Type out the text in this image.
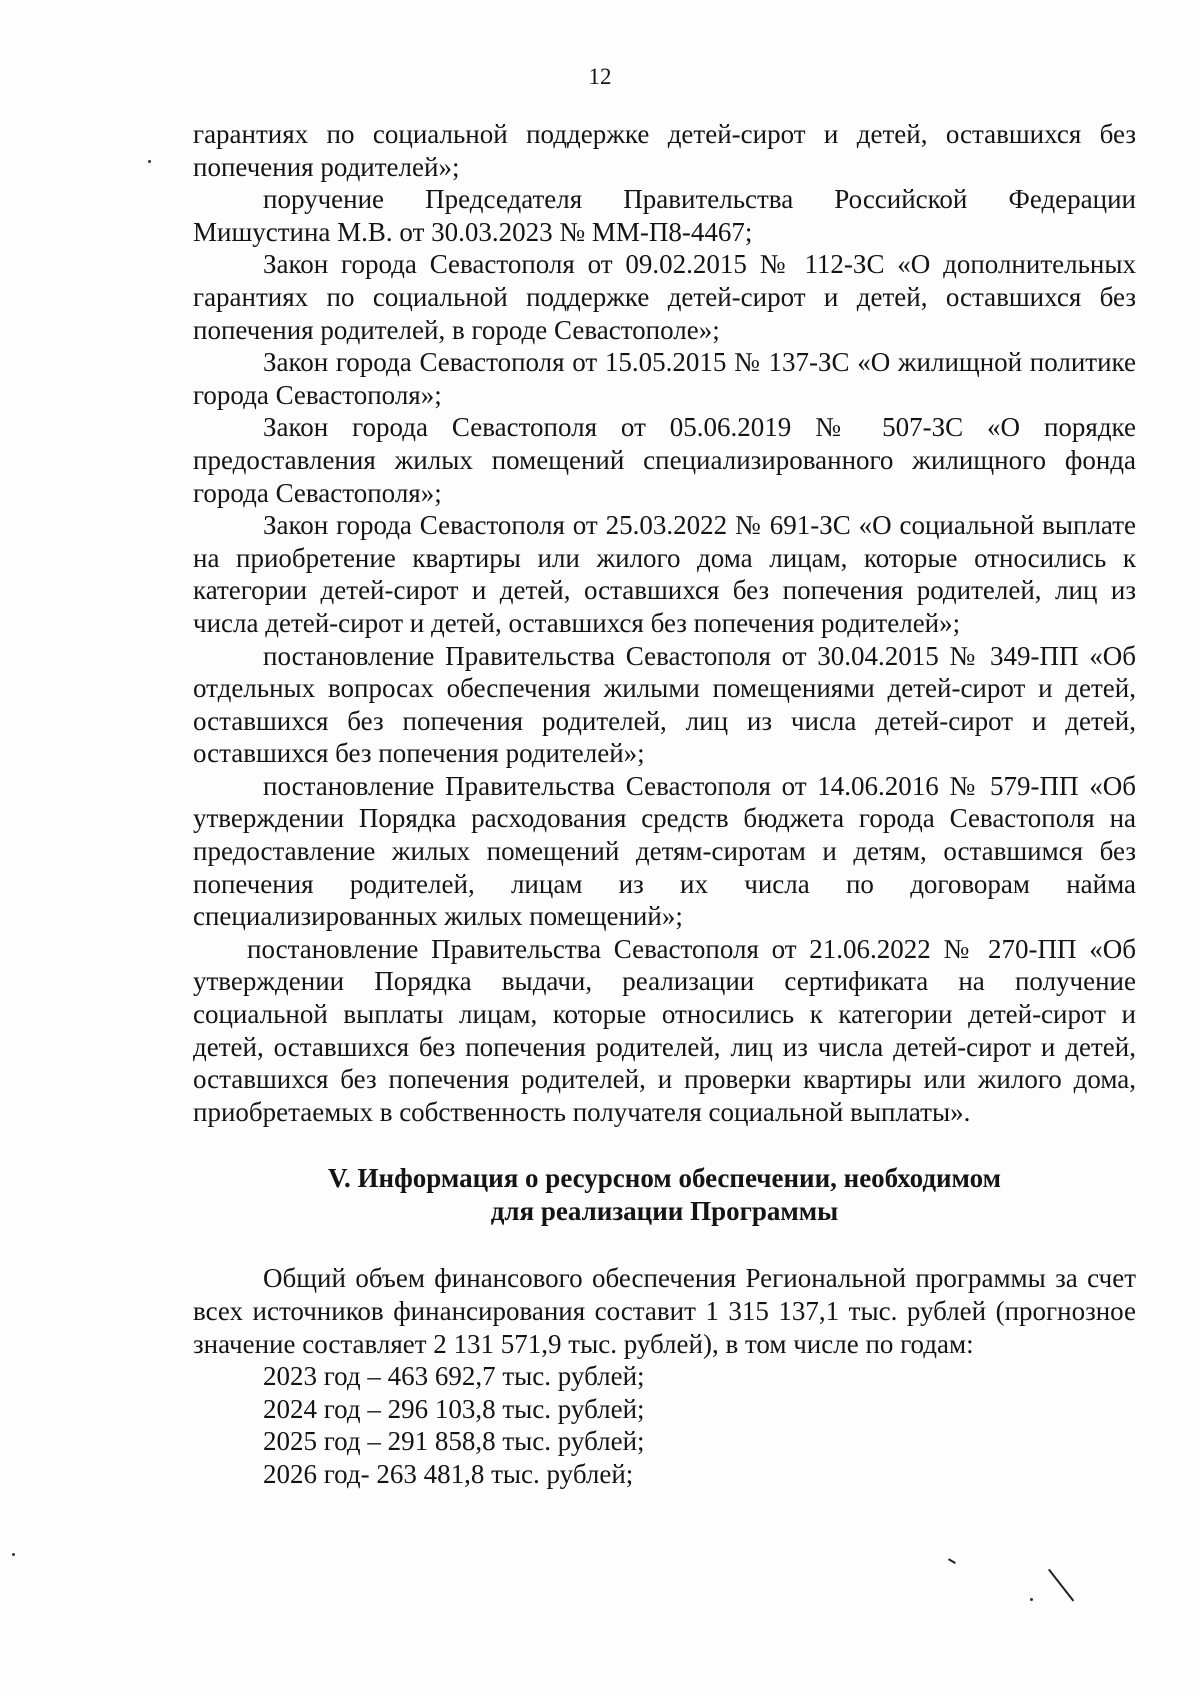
12

гарантиях по социальной поддержке детей-сирот и детей, оставшихся без попечения родителей»;

поручение Председателя Правительства Российской Федерации Мишустина М.В. от 30.03.2023 № ММ-П8-4467;

Закон города Севастополя от 09.02.2015 № 112-ЗС «О дополнительных гарантиях по социальной поддержке детей-сирот и детей, оставшихся без попечения родителей, в городе Севастополе»;

Закон города Севастополя от 15.05.2015 № 137-ЗС «О жилищной политике города Севастополя»;

Закон города Севастополя от 05.06.2019 № 507-ЗС «О порядке предоставления жилых помещений специализированного жилищного фонда города Севастополя»;

Закон города Севастополя от 25.03.2022 № 691-ЗС «О социальной выплате на приобретение квартиры или жилого дома лицам, которые относились к категории детей-сирот и детей, оставшихся без попечения родителей, лиц из числа детей-сирот и детей, оставшихся без попечения родителей»;

постановление Правительства Севастополя от 30.04.2015 № 349-ПП «Об отдельных вопросах обеспечения жилыми помещениями детей-сирот и детей, оставшихся без попечения родителей, лиц из числа детей-сирот и детей, оставшихся без попечения родителей»;

постановление Правительства Севастополя от 14.06.2016 № 579-ПП «Об утверждении Порядка расходования средств бюджета города Севастополя на предоставление жилых помещений детям-сиротам и детям, оставшимся без попечения родителей, лицам из их числа по договорам найма специализированных жилых помещений»;

постановление Правительства Севастополя от 21.06.2022 № 270-ПП «Об утверждении Порядка выдачи, реализации сертификата на получение социальной выплаты лицам, которые относились к категории детей-сирот и детей, оставшихся без попечения родителей, лиц из числа детей-сирот и детей, оставшихся без попечения родителей, и проверки квартиры или жилого дома, приобретаемых в собственность получателя социальной выплаты».

V. Информация о ресурсном обеспечении, необходимом
для реализации Программы

Общий объем финансового обеспечения Региональной программы за счет всех источников финансирования составит 1 315 137,1 тыс. рублей (прогнозное значение составляет 2 131 571,9 тыс. рублей), в том числе по годам:

2023 год – 463 692,7 тыс. рублей;

2024 год – 296 103,8 тыс. рублей;

2025 год – 291 858,8 тыс. рублей;

2026 год- 263 481,8 тыс. рублей;
